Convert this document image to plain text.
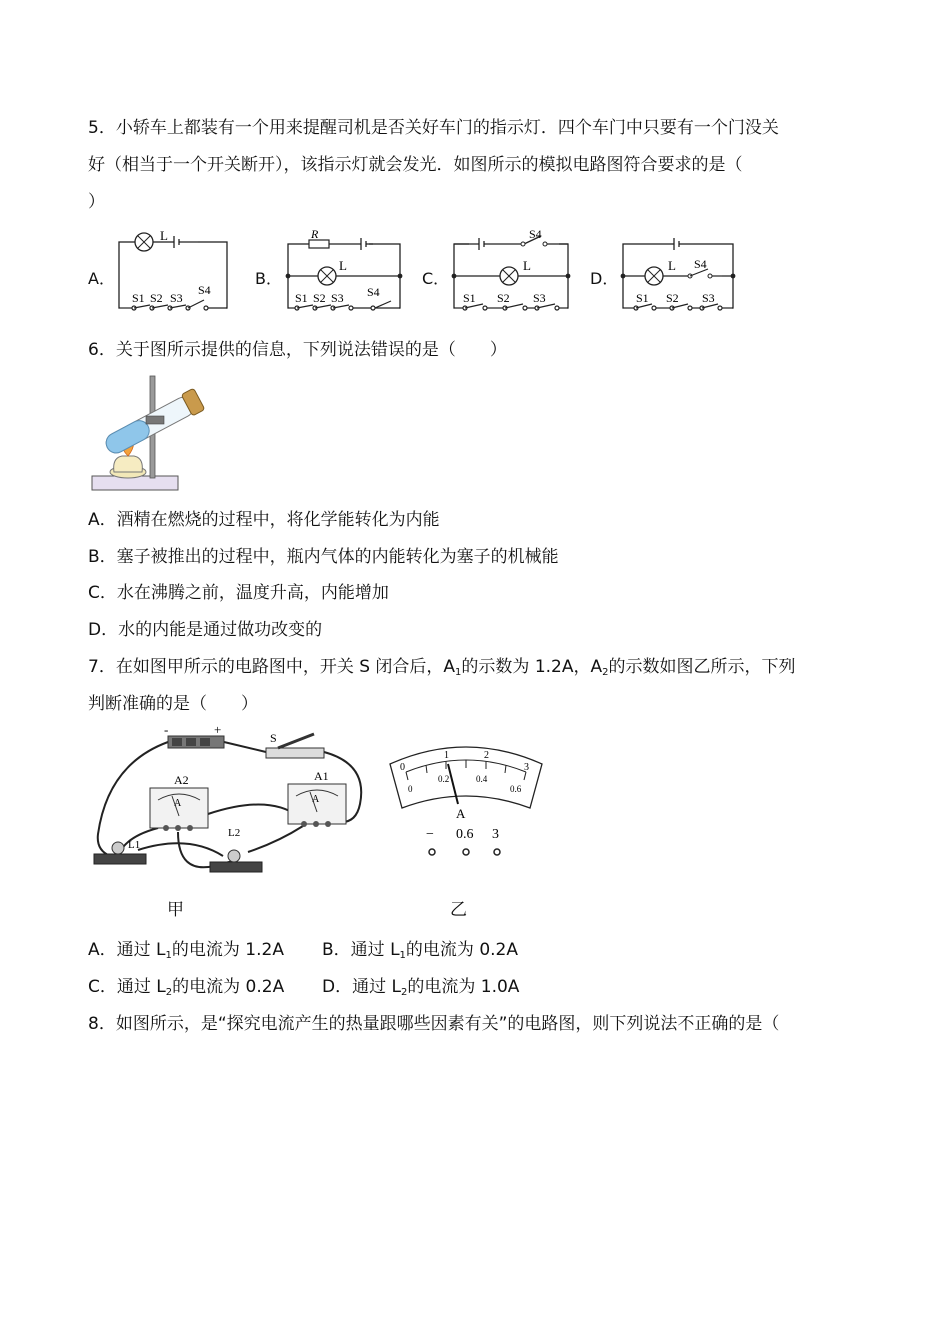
5．小轿车上都装有一个用来提醒司机是否关好车门的指示灯．四个车门中只要有一个门没关
好（相当于一个开关断开），该指示灯就会发光．如图所示的模拟电路图符合要求的是（
）
A．
L
S1 S2 S3
S4
B．
R
L
S1 S2 S3 S4
C．
S4
L
S1 S2 S3
D．
L S4
S1 S2 S3
6．关于图所示提供的信息，下列说法错误的是（　　）
A．酒精在燃烧的过程中，将化学能转化为内能
B．塞子被推出的过程中，瓶内气体的内能转化为塞子的机械能
C．水在沸腾之前，温度升高，内能增加
D．水的内能是通过做功改变的
7．在如图甲所示的电路图中，开关 S 闭合后，$A_1$的示数为 1.2A，$A_2$的示数如图乙所示，下列
判断准确的是（　　）
-	+
S
A
A2
A
A1
L1
L2
甲
0
1	2
3
0
0.2	0.4
0.6
A
− 0.6 3
乙
A．通过 $L_1$的电流为 1.2A B．通过 $L_1$的电流为 0.2A
C．通过 $L_2$的电流为 0.2A D．通过 $L_2$的电流为 1.0A
8．如图所示，是“探究电流产生的热量跟哪些因素有关”的电路图，则下列说法不正确的是（
